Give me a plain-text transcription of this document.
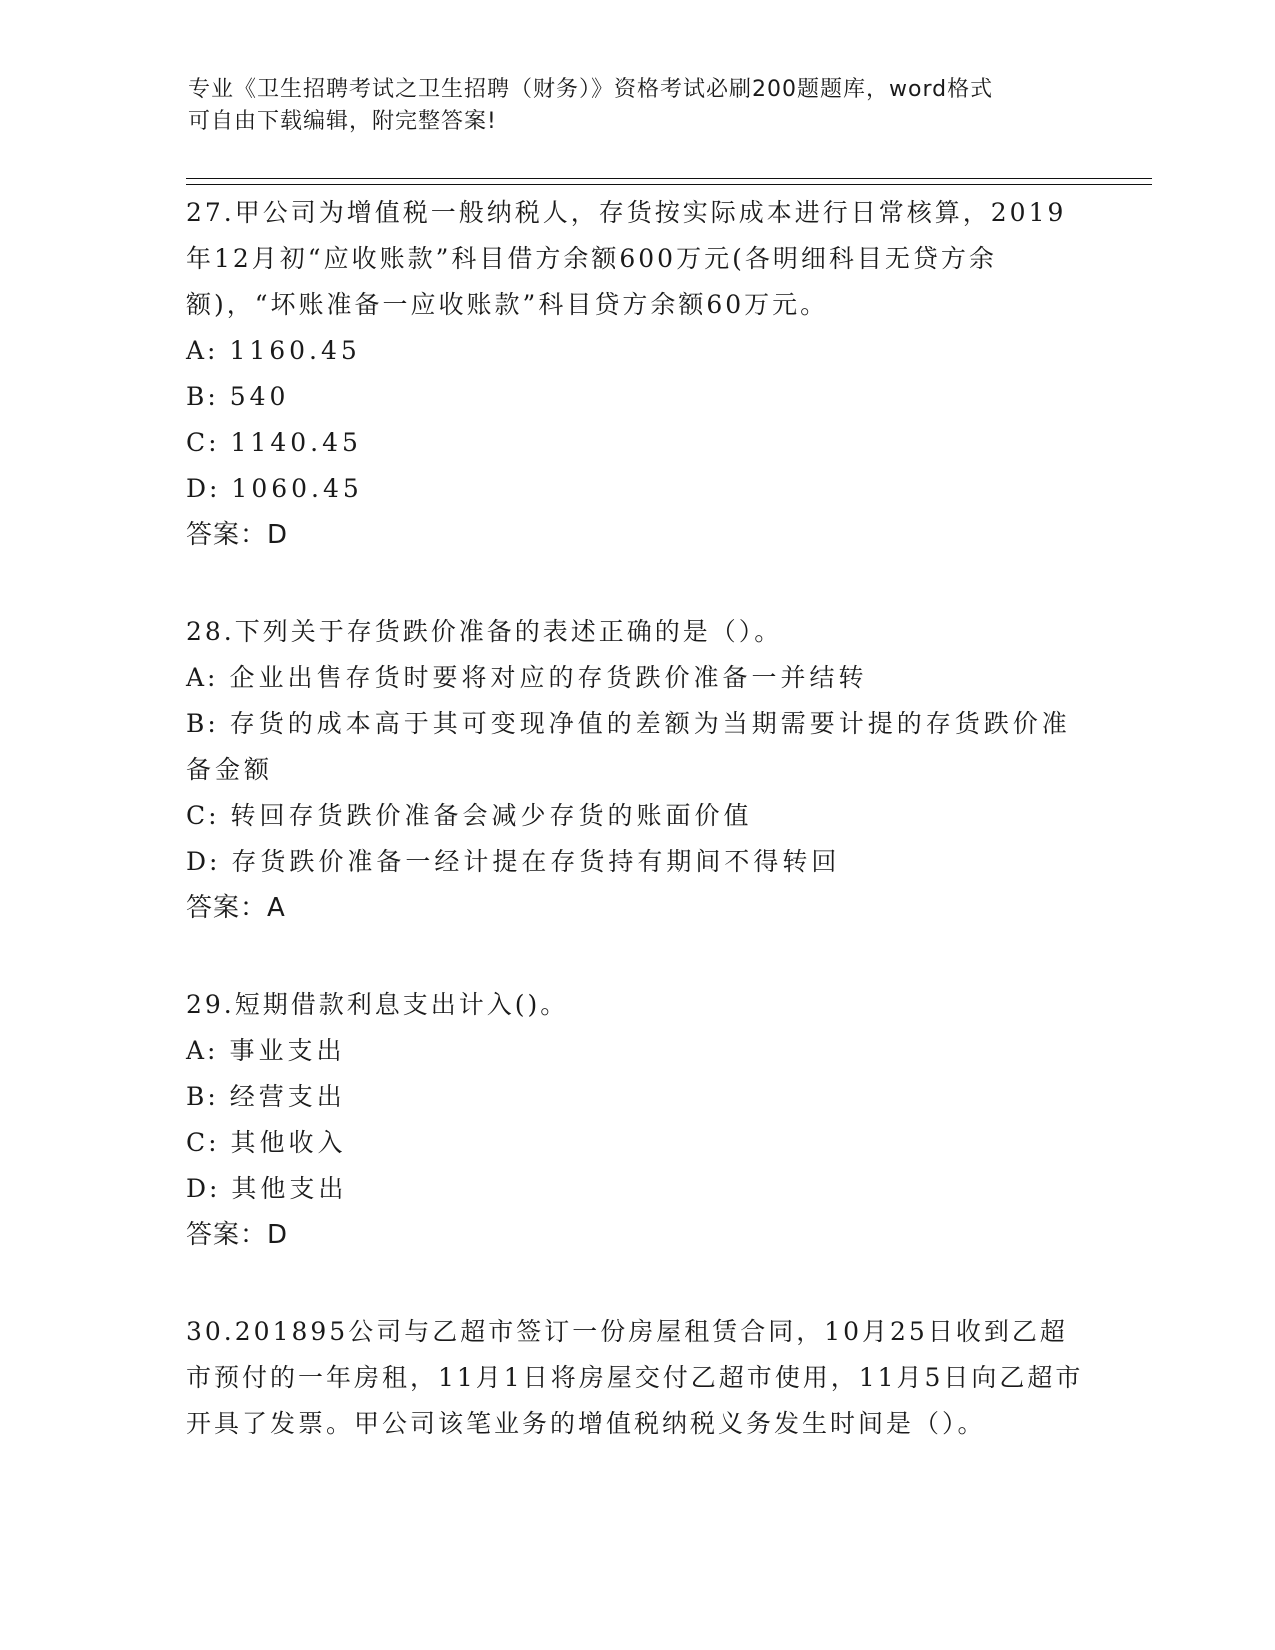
专业《卫生招聘考试之卫生招聘（财务）》资格考试必刷200题题库，word格式
可自由下载编辑，附完整答案!

27.甲公司为增值税一般纳税人，存货按实际成本进行日常核算，2019年12月初“应收账款”科目借方余额600万元(各明细科目无贷方余额)，“坏账准备一应收账款”科目贷方余额60万元。

A: 1160.45

B: 540

C: 1140.45

D: 1060.45

答案：D

28.下列关于存货跌价准备的表述正确的是（）。

A: 企业出售存货时要将对应的存货跌价准备一并结转

B: 存货的成本高于其可变现净值的差额为当期需要计提的存货跌价准备金额

C: 转回存货跌价准备会减少存货的账面价值

D: 存货跌价准备一经计提在存货持有期间不得转回

答案：A

29.短期借款利息支出计入()。

A: 事业支出

B: 经营支出

C: 其他收入

D: 其他支出

答案：D

30.201895公司与乙超市签订一份房屋租赁合同，10月25日收到乙超市预付的一年房租，11月1日将房屋交付乙超市使用，11月5日向乙超市开具了发票。甲公司该笔业务的增值税纳税义务发生时间是（）。
